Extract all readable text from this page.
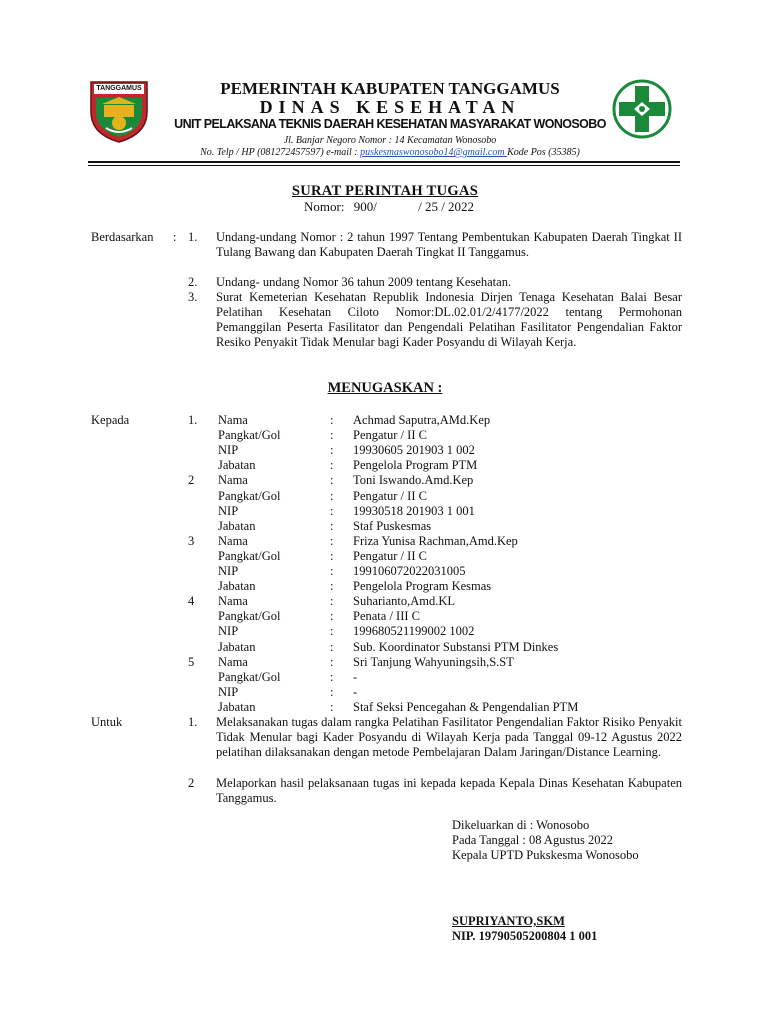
TANGGAMUS	PEMERINTAH KABUPATEN TANGGAMUS
DINAS KESEHATAN
UNIT PELAKSANA TEKNIS DAERAH KESEHATAN MASYARAKAT WONOSOBO
Jl. Banjar Negoro Nomor : 14 Kecamatan Wonosobo
No. Telp / HP (081272457597) e-mail : puskesmaswonosobo14@gmail.com Kode Pos (35385)
SURAT PERINTAH TUGAS
Nomor: 900/	/ 25 / 2022
Berdasarkan : 1. Undang-undang Nomor : 2 tahun 1997 Tentang Pembentukan Kabupaten Daerah Tingkat II Tulang Bawang dan Kabupaten Daerah Tingkat II Tanggamus.
2. Undang- undang Nomor 36 tahun 2009 tentang Kesehatan.
3. Surat Kemeterian Kesehatan Republik Indonesia Dirjen Tenaga Kesehatan Balai Besar Pelatihan Kesehatan Ciloto Nomor:DL.02.01/2/4177/2022 tentang Permohonan Pemanggilan Peserta Fasilitator dan Pengendali Pelatihan Fasilitator Pengendalian Faktor Resiko Penyakit Tidak Menular bagi Kader Posyandu di Wilayah Kerja.
MENUGASKAN :
Kepada	1. Nama	: Achmad Saputra,AMd.Kep
Pangkat/Gol	: Pengatur / II C
NIP	: 19930605 201903 1 002
Jabatan	: Pengelola Program PTM
2 Nama	: Toni Iswando.Amd.Kep
Pangkat/Gol	: Pengatur / II C
NIP	: 19930518 201903 1 001
Jabatan	: Staf Puskesmas
3 Nama	: Friza Yunisa Rachman,Amd.Kep
Pangkat/Gol	: Pengatur / II C
NIP	: 199106072022031005
Jabatan	: Pengelola Program Kesmas
4 Nama	: Suharianto,Amd.KL
Pangkat/Gol	: Penata / III C
NIP	: 199680521199002 1002
Jabatan	: Sub. Koordinator Substansi PTM Dinkes
5 Nama	: Sri Tanjung Wahyuningsih,S.ST
Pangkat/Gol	: -
NIP	: -
Jabatan	: Staf Seksi Pencegahan & Pengendalian PTM
Untuk	1. Melaksanakan tugas dalam rangka Pelatihan Fasilitator Pengendalian Faktor Risiko Penyakit Tidak Menular bagi Kader Posyandu di Wilayah Kerja pada Tanggal 09-12 Agustus 2022 pelatihan dilaksanakan dengan metode Pembelajaran Dalam Jaringan/Distance Learning.
2 Melaporkan hasil pelaksanaan tugas ini kepada kepada Kepala Dinas Kesehatan Kabupaten Tanggamus.
Dikeluarkan di : Wonosobo
Pada Tanggal : 08 Agustus 2022
Kepala UPTD Pukskesma Wonosobo
SUPRIYANTO,SKM
NIP. 19790505200804 1 001
